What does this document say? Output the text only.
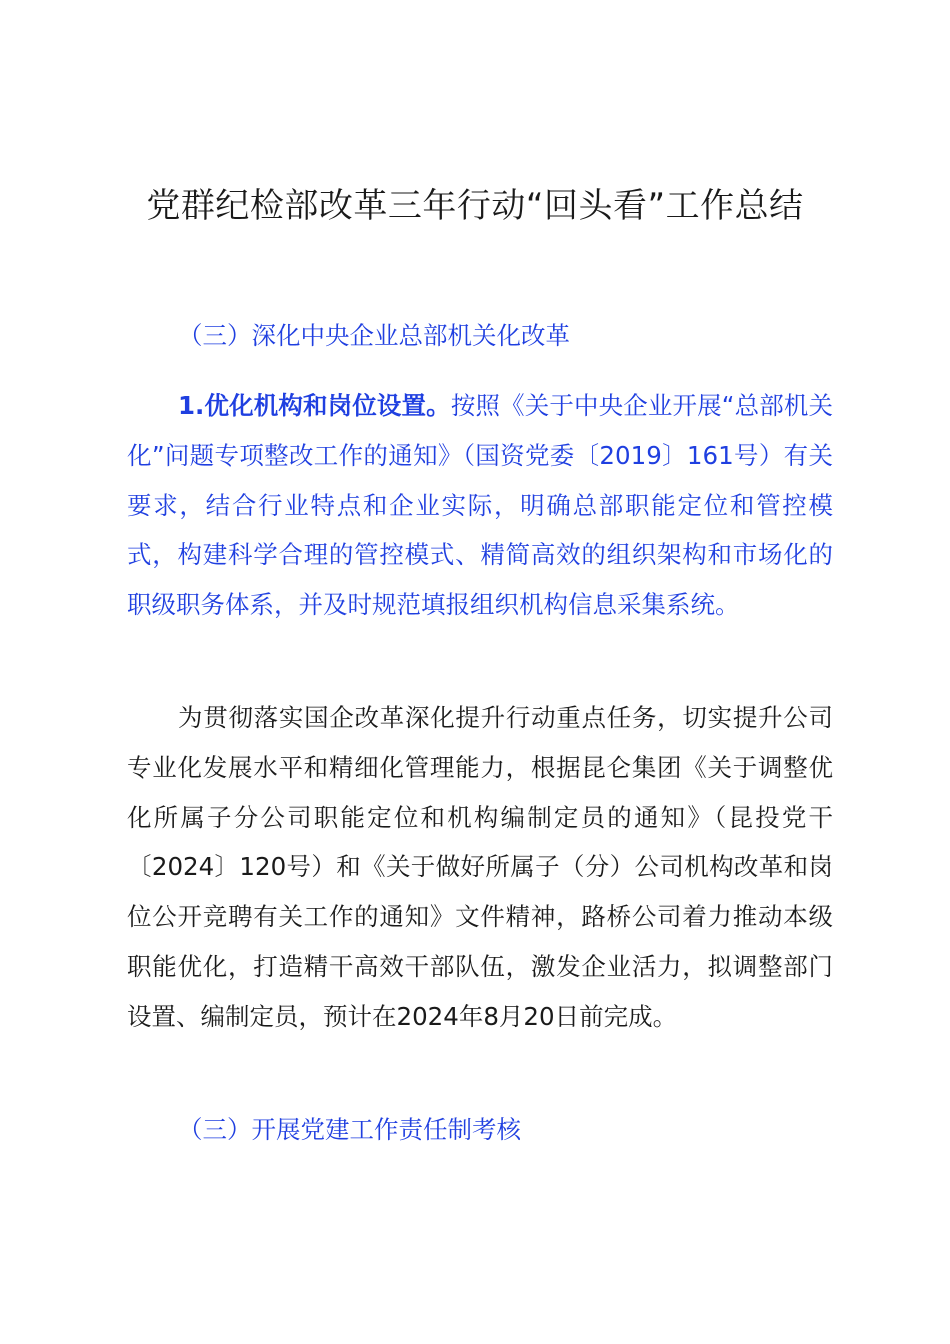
党群纪检部改革三年行动“回头看”工作总结
（三）深化中央企业总部机关化改革
1.优化机构和岗位设置。按照《关于中央企业开展“总部机关化”问题专项整改工作的通知》（国资党委〔2019〕161号）有关要求，结合行业特点和企业实际，明确总部职能定位和管控模式，构建科学合理的管控模式、精简高效的组织架构和市场化的职级职务体系，并及时规范填报组织机构信息采集系统。
为贯彻落实国企改革深化提升行动重点任务，切实提升公司专业化发展水平和精细化管理能力，根据昆仑集团《关于调整优化所属子分公司职能定位和机构编制定员的通知》（昆投党干〔2024〕120号）和《关于做好所属子（分）公司机构改革和岗位公开竞聘有关工作的通知》文件精神，路桥公司着力推动本级职能优化，打造精干高效干部队伍，激发企业活力，拟调整部门设置、编制定员，预计在2024年8月20日前完成。
（三）开展党建工作责任制考核
